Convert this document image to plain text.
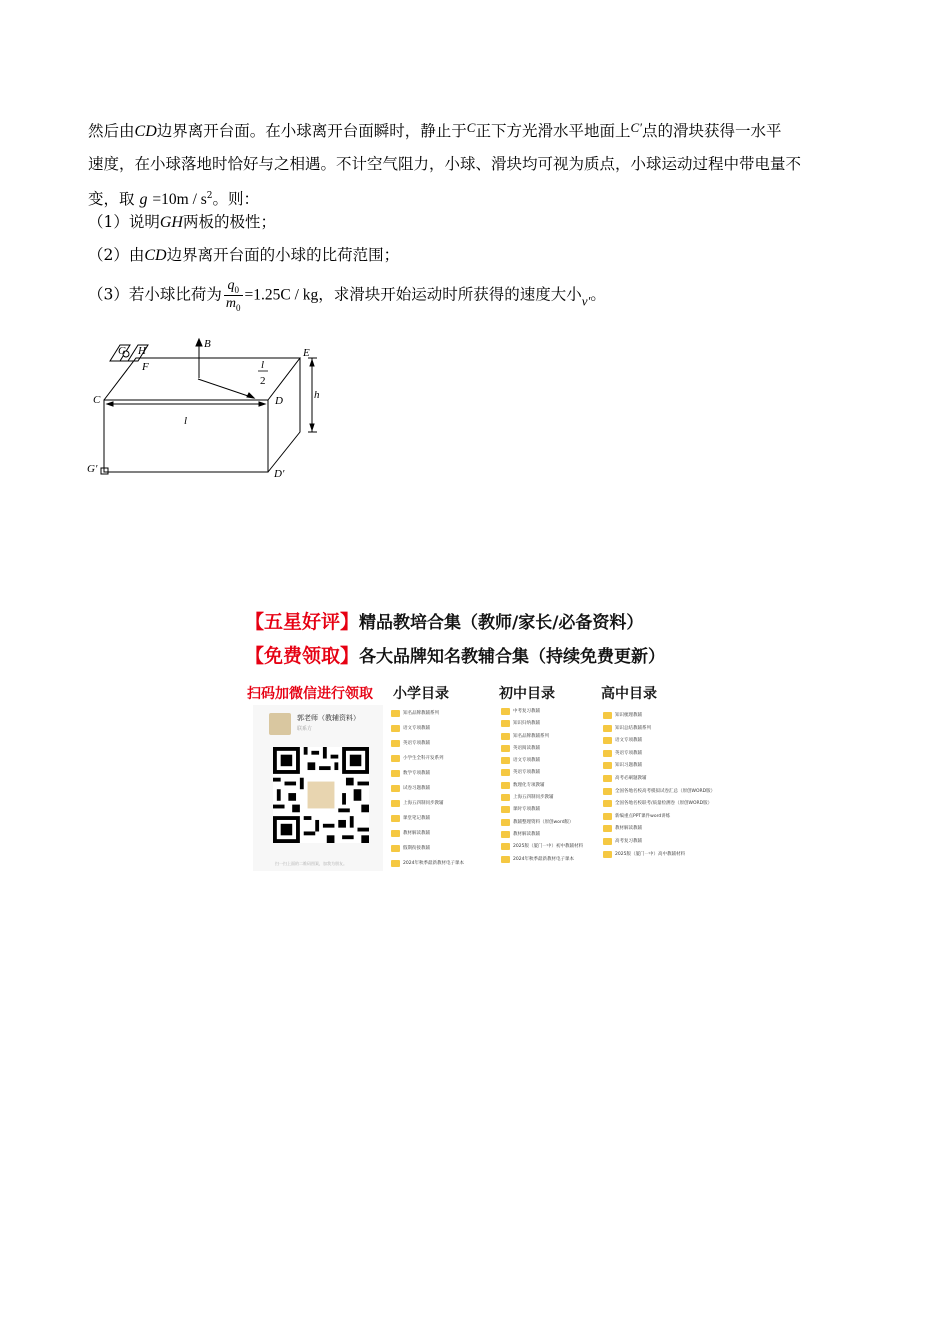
然后由CD边界离开台面。在小球离开台面瞬时，静止于$^C$正下方光滑水平地面上$^{C'}$点的滑块获得一水平
速度，在小球落地时恰好与之相遇。不计空气阻力，小球、滑块均可视为质点，小球运动过程中带电量不
变，取 $g =10m / s^2$。则：
（1）说明GH两板的极性；
（2）由CD边界离开台面的小球的比荷范围；
（3）若小球比荷为 $\frac{q_0}{m_0} =1.25C$ / kg，求滑块开始运动时所获得的速度大小$_{v'}$。
G H
F
B
E
l
2
h
C	D
l
G′	D′
【五星好评】精品教培合集（教师/家长/必备资料）
【免费领取】各大品牌知名教辅合集（持续免费更新）
扫码加微信进行领取 小学目录	初中目录	高中目录
郭老师（教辅资料）
联系方
扫一扫上面的二维码图案，加我为朋友。
知名品牌教辅系列
语文专项教辅
英语专项教辅
小学生全科开发系列
数学专项教辅
试卷习题教辅
上海五四制同步教辅
课堂笔记教辅
教材解读教辅
假期衔接教辅
2024年秋季最新教材电子课本
中考复习教辅
知识归纳教辅
知名品牌教辅系列
英语阅读教辅
语文专项教辅
英语专项教辅
数理化专项教辅
上海五四制同步教辅
课时专项教辅
教辅整理资料（原创word版）
教材解读教辅
2025版（厦门一中）初中教辅材料
2024年秋季最新教材电子课本
知识梳理教辅
知识总结教辅系列
语文专项教辅
英语专项教辅
知识习题教辅
高考必刷题教辅
全国各地名校高考模拟试卷汇总（原创WORD版）
全国各地名校联考/质量检测卷（原创WORD版）
新编重点PPT课件word讲练
教材解读教辅
高考复习教辅
2025版（厦门一中）高中教辅材料
